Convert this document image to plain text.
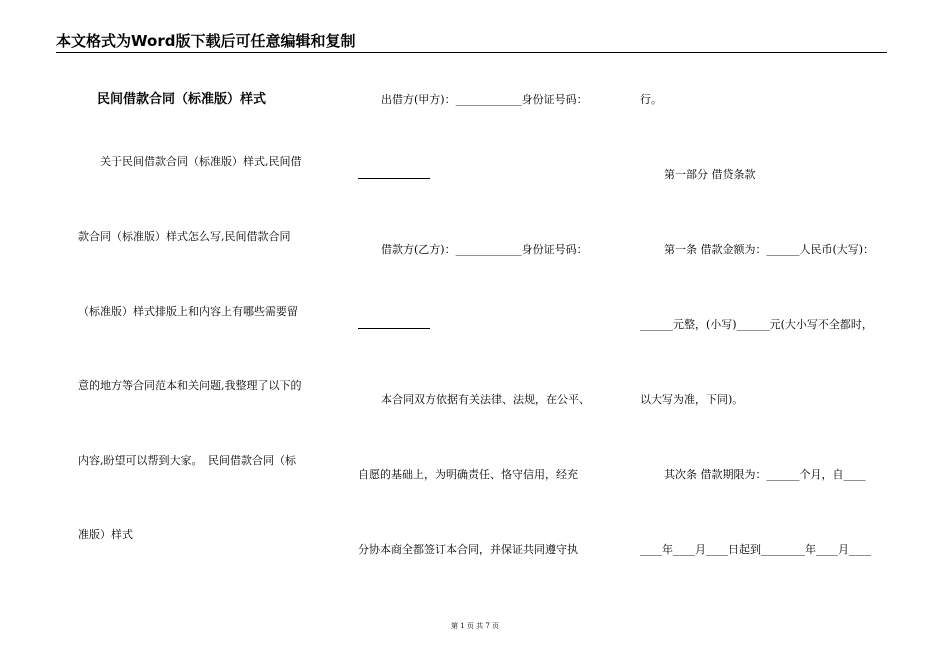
本文格式为Word版下载后可任意编辑和复制
民间借款合同（标准版）样式
关于民间借款合同（标准版）样式,民间借
款合同（标准版）样式怎么写,民间借款合同
（标准版）样式排版上和内容上有哪些需要留
意的地方等合同范本和关问题,我整理了以下的
内容,盼望可以帮到大家。　民间借款合同（标
准版）样式
出借方(甲方)：____________身份证号码：
借款方(乙方)：____________身份证号码：
本合同双方依据有关法律、法规，在公平、
自愿的基础上，为明确责任、恪守信用，经充
分协本商全都签订本合同，并保证共同遵守执
行。
第一部分 借贷条款
第一条 借款金额为：______人民币(大写)：
______元整，(小写)______元(大小写不全都时，
以大写为准，下同)。
其次条 借款期限为：______个月，自____
____年____月____日起到________年____月____
第 1 页 共 7 页
